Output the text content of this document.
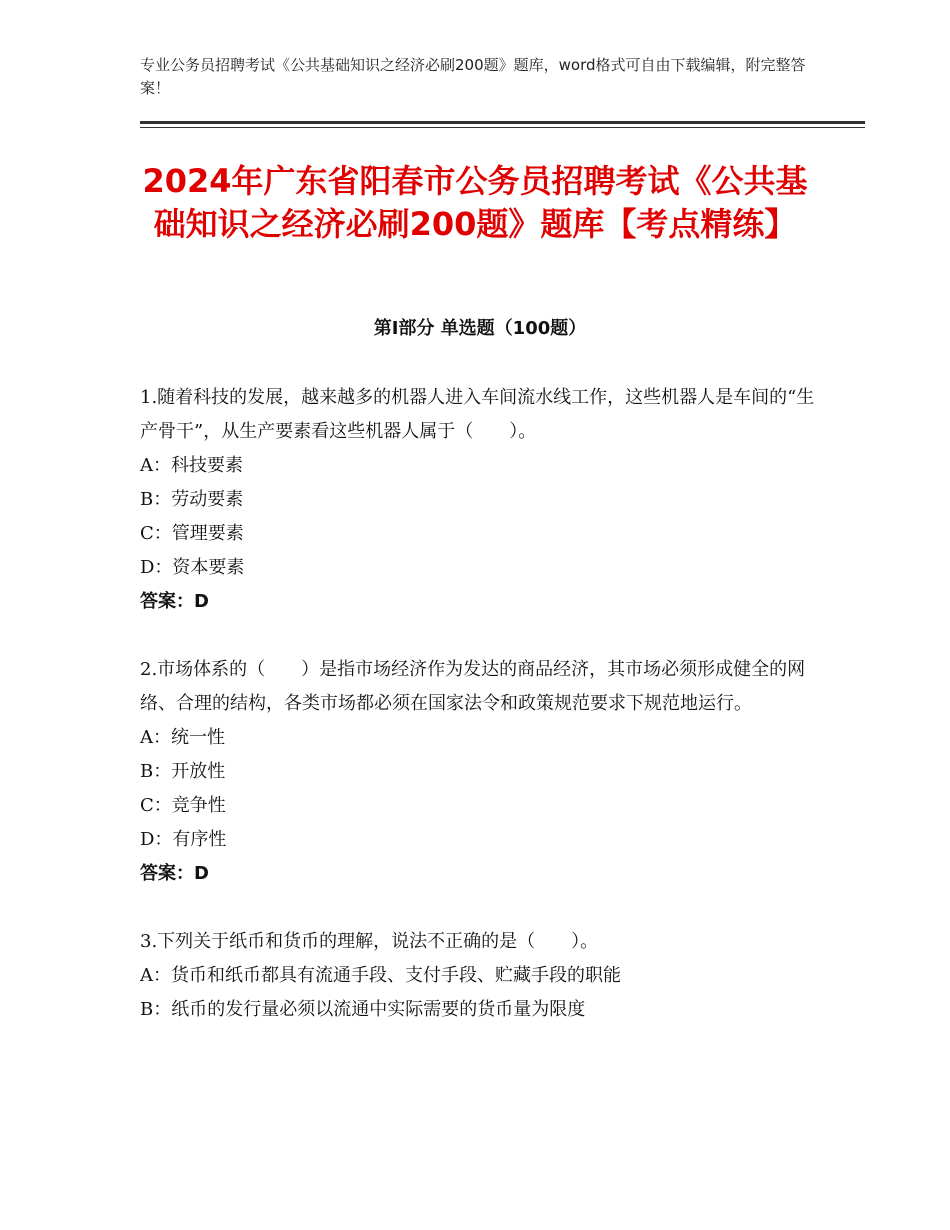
专业公务员招聘考试《公共基础知识之经济必刷200题》题库，word格式可自由下载编辑，附完整答案！
2024年广东省阳春市公务员招聘考试《公共基础知识之经济必刷200题》题库【考点精练】
第Ⅰ部分 单选题（100题）

1.随着科技的发展，越来越多的机器人进入车间流水线工作，这些机器人是车间的“生产骨干”，从生产要素看这些机器人属于（　　）。

A：科技要素

B：劳动要素

C：管理要素

D：资本要素

答案：D

2.市场体系的（　　）是指市场经济作为发达的商品经济，其市场必须形成健全的网络、合理的结构，各类市场都必须在国家法令和政策规范要求下规范地运行。

A：统一性

B：开放性

C：竞争性

D：有序性

答案：D

3.下列关于纸币和货币的理解，说法不正确的是（　　）。

A：货币和纸币都具有流通手段、支付手段、贮藏手段的职能

B：纸币的发行量必须以流通中实际需要的货币量为限度
